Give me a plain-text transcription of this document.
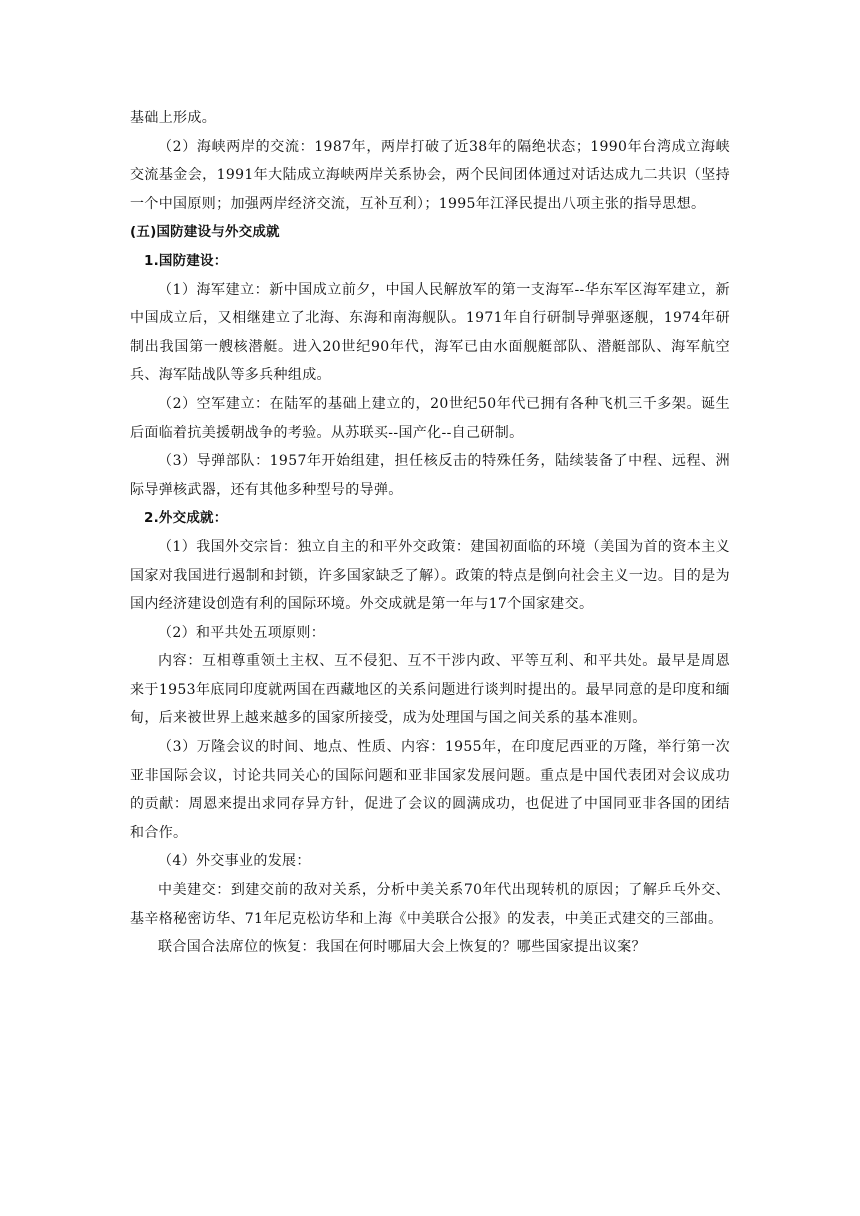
基础上形成。

（2）海峡两岸的交流：1987年，两岸打破了近38年的隔绝状态；1990年台湾成立海峡交流基金会，1991年大陆成立海峡两岸关系协会，两个民间团体通过对话达成九二共识（坚持一个中国原则；加强两岸经济交流，互补互利）；1995年江泽民提出八项主张的指导思想。

(五)国防建设与外交成就

1.国防建设：

（1）海军建立：新中国成立前夕，中国人民解放军的第一支海军--华东军区海军建立，新中国成立后，又相继建立了北海、东海和南海舰队。1971年自行研制导弹驱逐舰，1974年研制出我国第一艘核潜艇。进入20世纪90年代，海军已由水面舰艇部队、潜艇部队、海军航空兵、海军陆战队等多兵种组成。

（2）空军建立：在陆军的基础上建立的，20世纪50年代已拥有各种飞机三千多架。诞生后面临着抗美援朝战争的考验。从苏联买--国产化--自己研制。

（3）导弹部队：1957年开始组建，担任核反击的特殊任务，陆续装备了中程、远程、洲际导弹核武器，还有其他多种型号的导弹。

2.外交成就：

（1）我国外交宗旨：独立自主的和平外交政策：建国初面临的环境（美国为首的资本主义国家对我国进行遏制和封锁，许多国家缺乏了解）。政策的特点是倒向社会主义一边。目的是为国内经济建设创造有利的国际环境。外交成就是第一年与17个国家建交。

（2）和平共处五项原则：

内容：互相尊重领土主权、互不侵犯、互不干涉内政、平等互利、和平共处。最早是周恩来于1953年底同印度就两国在西藏地区的关系问题进行谈判时提出的。最早同意的是印度和缅甸，后来被世界上越来越多的国家所接受，成为处理国与国之间关系的基本准则。

（3）万隆会议的时间、地点、性质、内容：1955年，在印度尼西亚的万隆，举行第一次亚非国际会议，讨论共同关心的国际问题和亚非国家发展问题。重点是中国代表团对会议成功的贡献：周恩来提出求同存异方针，促进了会议的圆满成功，也促进了中国同亚非各国的团结和合作。

（4）外交事业的发展：

中美建交：到建交前的敌对关系，分析中美关系70年代出现转机的原因；了解乒乓外交、基辛格秘密访华、71年尼克松访华和上海《中美联合公报》的发表，中美正式建交的三部曲。

联合国合法席位的恢复：我国在何时哪届大会上恢复的？哪些国家提出议案？
